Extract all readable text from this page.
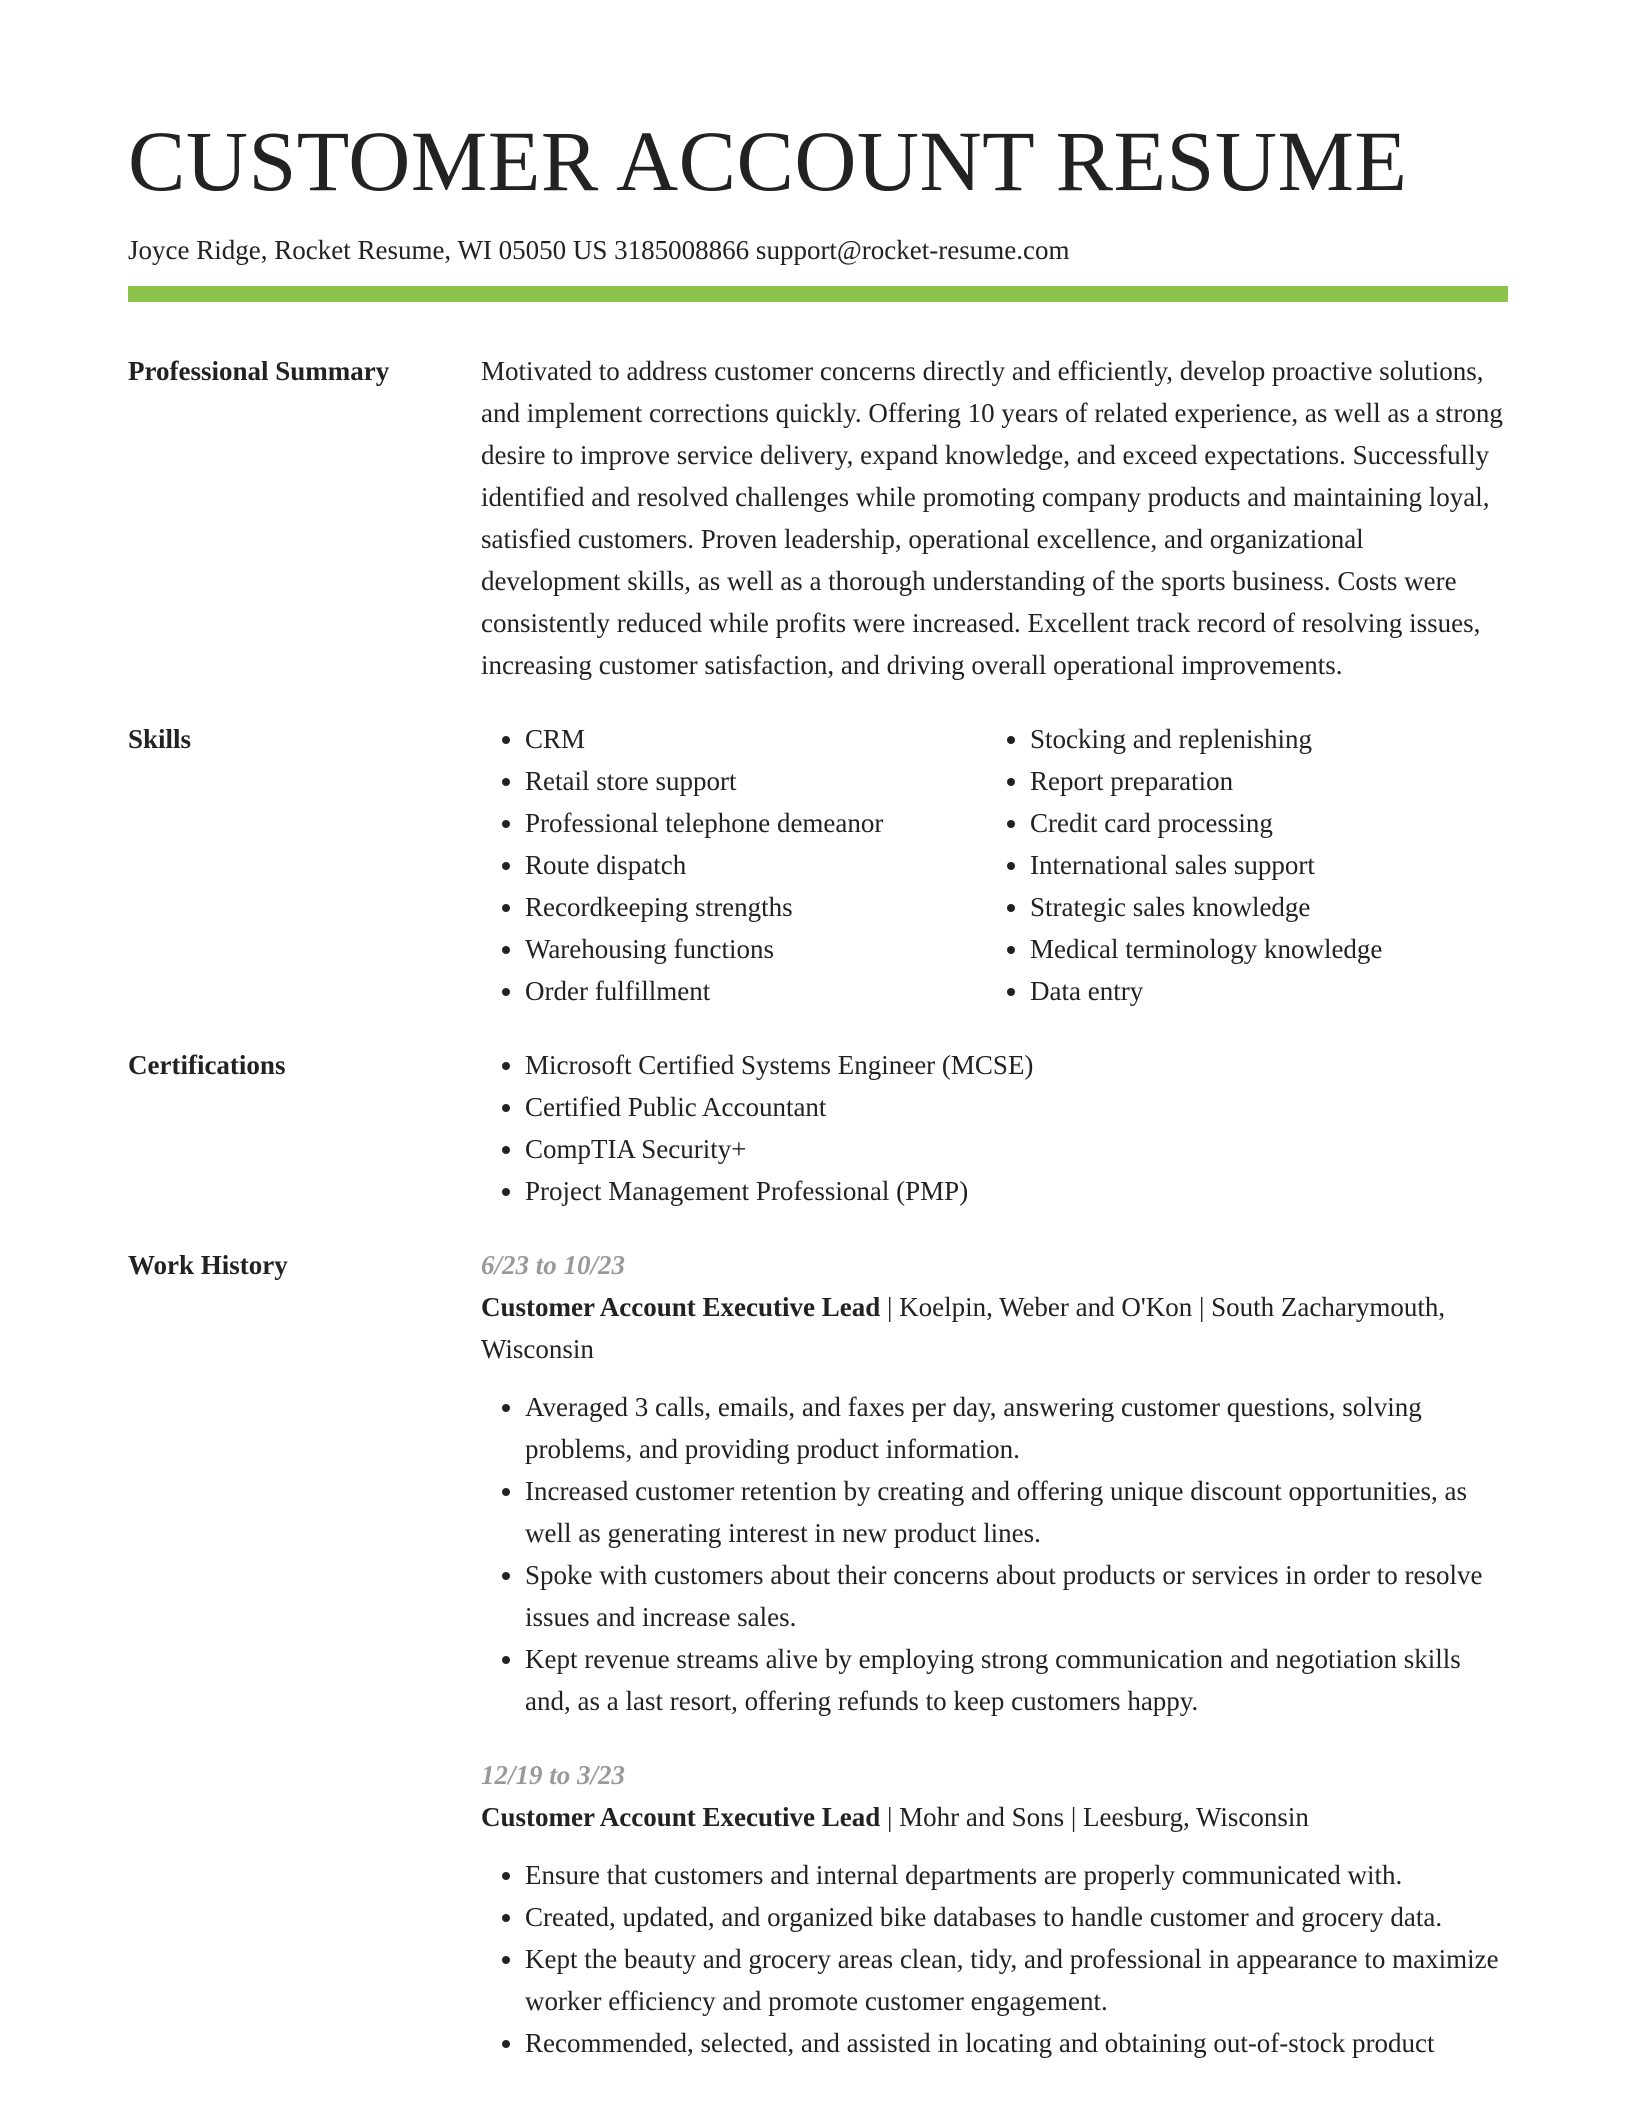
CUSTOMER ACCOUNT RESUME
Joyce Ridge, Rocket Resume, WI 05050 US 3185008866 support@rocket-resume.com
Professional Summary	Motivated to address customer concerns directly and efficiently, develop proactive solutions, and implement corrections quickly. Offering 10 years of related experience, as well as a strong desire to improve service delivery, expand knowledge, and exceed expectations. Successfully identified and resolved challenges while promoting company products and maintaining loyal, satisfied customers. Proven leadership, operational excellence, and organizational development skills, as well as a thorough understanding of the sports business. Costs were consistently reduced while profits were increased. Excellent track record of resolving issues, increasing customer satisfaction, and driving overall operational improvements.

Skills	• CRM
• Retail store support
• Professional telephone demeanor
• Route dispatch
• Recordkeeping strengths
• Warehousing functions
• Order fulfillment
• Stocking and replenishing
• Report preparation
• Credit card processing
• International sales support
• Strategic sales knowledge
• Medical terminology knowledge
• Data entry
Certifications	• Microsoft Certified Systems Engineer (MCSE)
• Certified Public Accountant
• CompTIA Security+
• Project Management Professional (PMP)
Work History	6/23 to 10/23
Customer Account Executive Lead | Koelpin, Weber and O'Kon | South Zacharymouth, Wisconsin
• Averaged 3 calls, emails, and faxes per day, answering customer questions, solving problems, and providing product information.
• Increased customer retention by creating and offering unique discount opportunities, as well as generating interest in new product lines.
• Spoke with customers about their concerns about products or services in order to resolve issues and increase sales.
• Kept revenue streams alive by employing strong communication and negotiation skills and, as a last resort, offering refunds to keep customers happy.
12/19 to 3/23
Customer Account Executive Lead | Mohr and Sons | Leesburg, Wisconsin
• Ensure that customers and internal departments are properly communicated with.
• Created, updated, and organized bike databases to handle customer and grocery data.
• Kept the beauty and grocery areas clean, tidy, and professional in appearance to maximize worker efficiency and promote customer engagement.
• Recommended, selected, and assisted in locating and obtaining out-of-stock product
